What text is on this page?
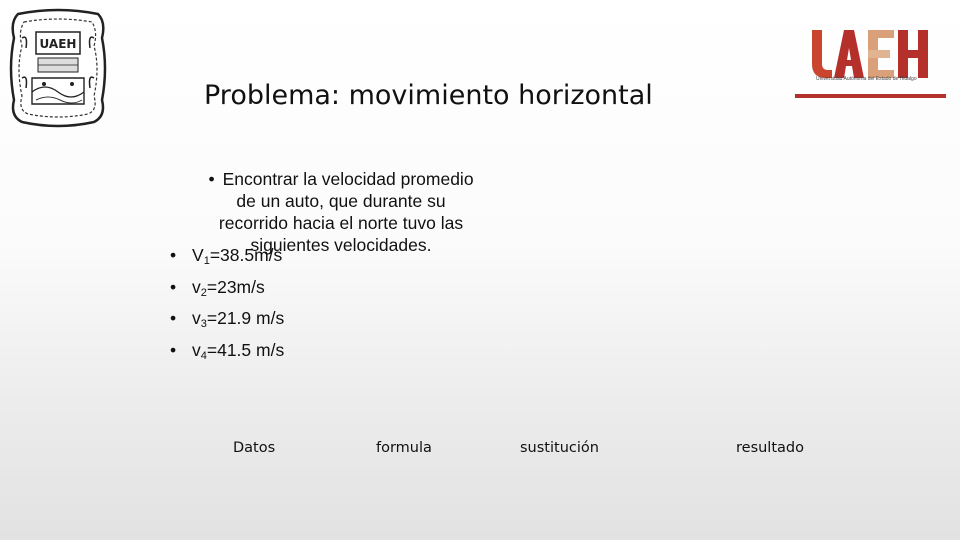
UAEH
Universidad Autónoma del Estado de Hidalgo
Problema: movimiento horizontal

• Encontrar la velocidad promedio de un auto, que durante su recorrido hacia el norte tuvo las siguientes velocidades.

• $V_1=38.5m/s$
• $v_2=23m/s$
• $v_3=21.9$ m/s
• $v_4=41.5$ m/s
Datos	formula	sustitución	resultado
